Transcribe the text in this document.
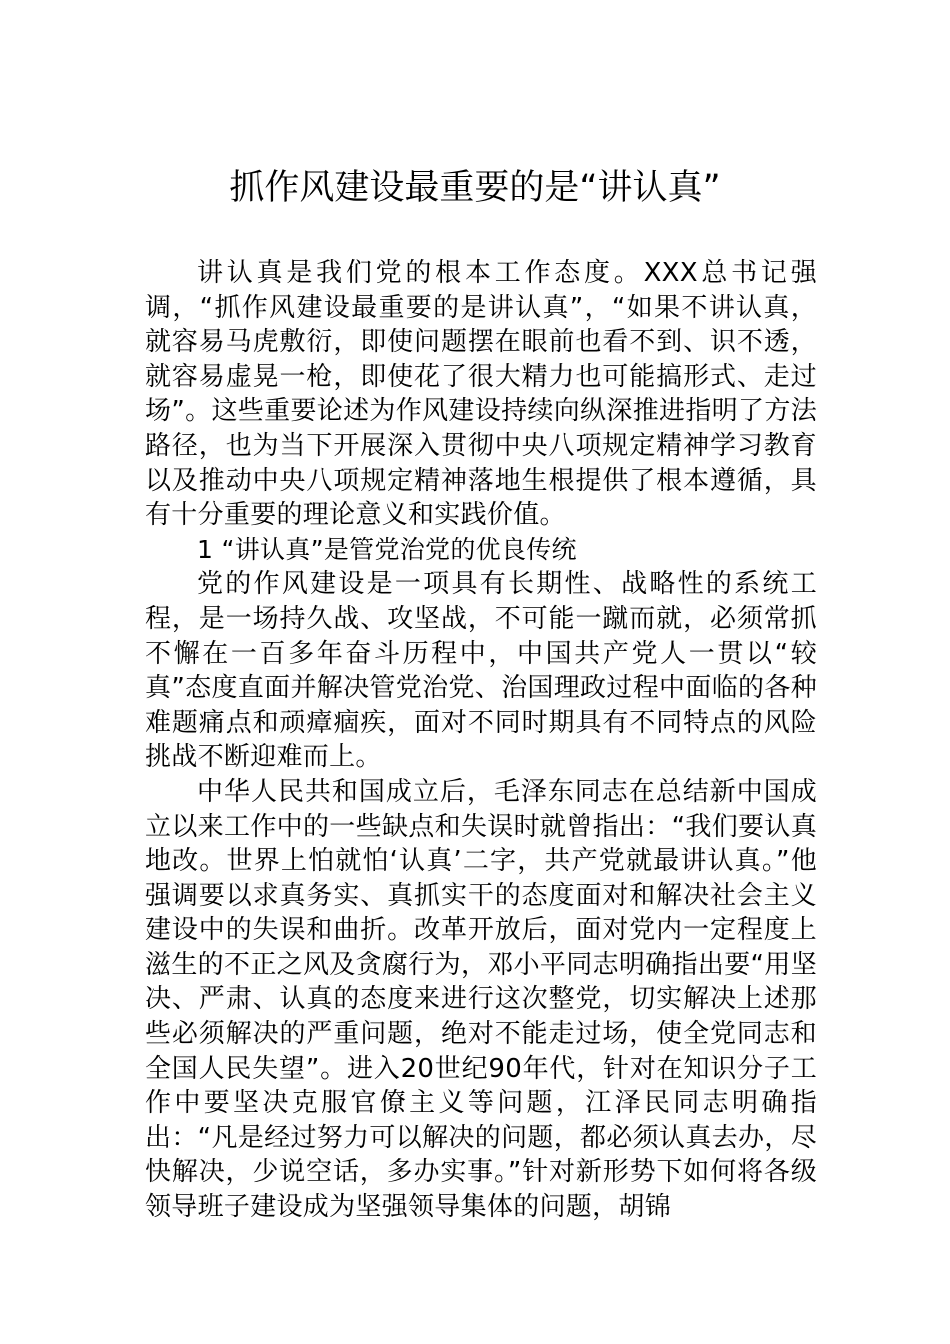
抓作风建设最重要的是“讲认真”

讲认真是我们党的根本工作态度。XXX总书记强调，“抓作风建设最重要的是讲认真”，“如果不讲认真，就容易马虎敷衍，即使问题摆在眼前也看不到、识不透，就容易虚晃一枪，即使花了很大精力也可能搞形式、走过场”。这些重要论述为作风建设持续向纵深推进指明了方法路径，也为当下开展深入贯彻中央八项规定精神学习教育以及推动中央八项规定精神落地生根提供了根本遵循，具有十分重要的理论意义和实践价值。

1 “讲认真”是管党治党的优良传统

党的作风建设是一项具有长期性、战略性的系统工程，是一场持久战、攻坚战，不可能一蹴而就，必须常抓不懈在一百多年奋斗历程中，中国共产党人一贯以“较真”态度直面并解决管党治党、治国理政过程中面临的各种难题痛点和顽瘴痼疾，面对不同时期具有不同特点的风险挑战不断迎难而上。

中华人民共和国成立后，毛泽东同志在总结新中国成立以来工作中的一些缺点和失误时就曾指出：“我们要认真地改。世界上怕就怕‘认真’二字，共产党就最讲认真。”他强调要以求真务实、真抓实干的态度面对和解决社会主义建设中的失误和曲折。改革开放后，面对党内一定程度上滋生的不正之风及贪腐行为，邓小平同志明确指出要“用坚决、严肃、认真的态度来进行这次整党，切实解决上述那些必须解决的严重问题，绝对不能走过场，使全党同志和全国人民失望”。进入20世纪90年代，针对在知识分子工作中要坚决克服官僚主义等问题，江泽民同志明确指出：“凡是经过努力可以解决的问题，都必须认真去办，尽快解决，少说空话，多办实事。”针对新形势下如何将各级领导班子建设成为坚强领导集体的问题，胡锦
